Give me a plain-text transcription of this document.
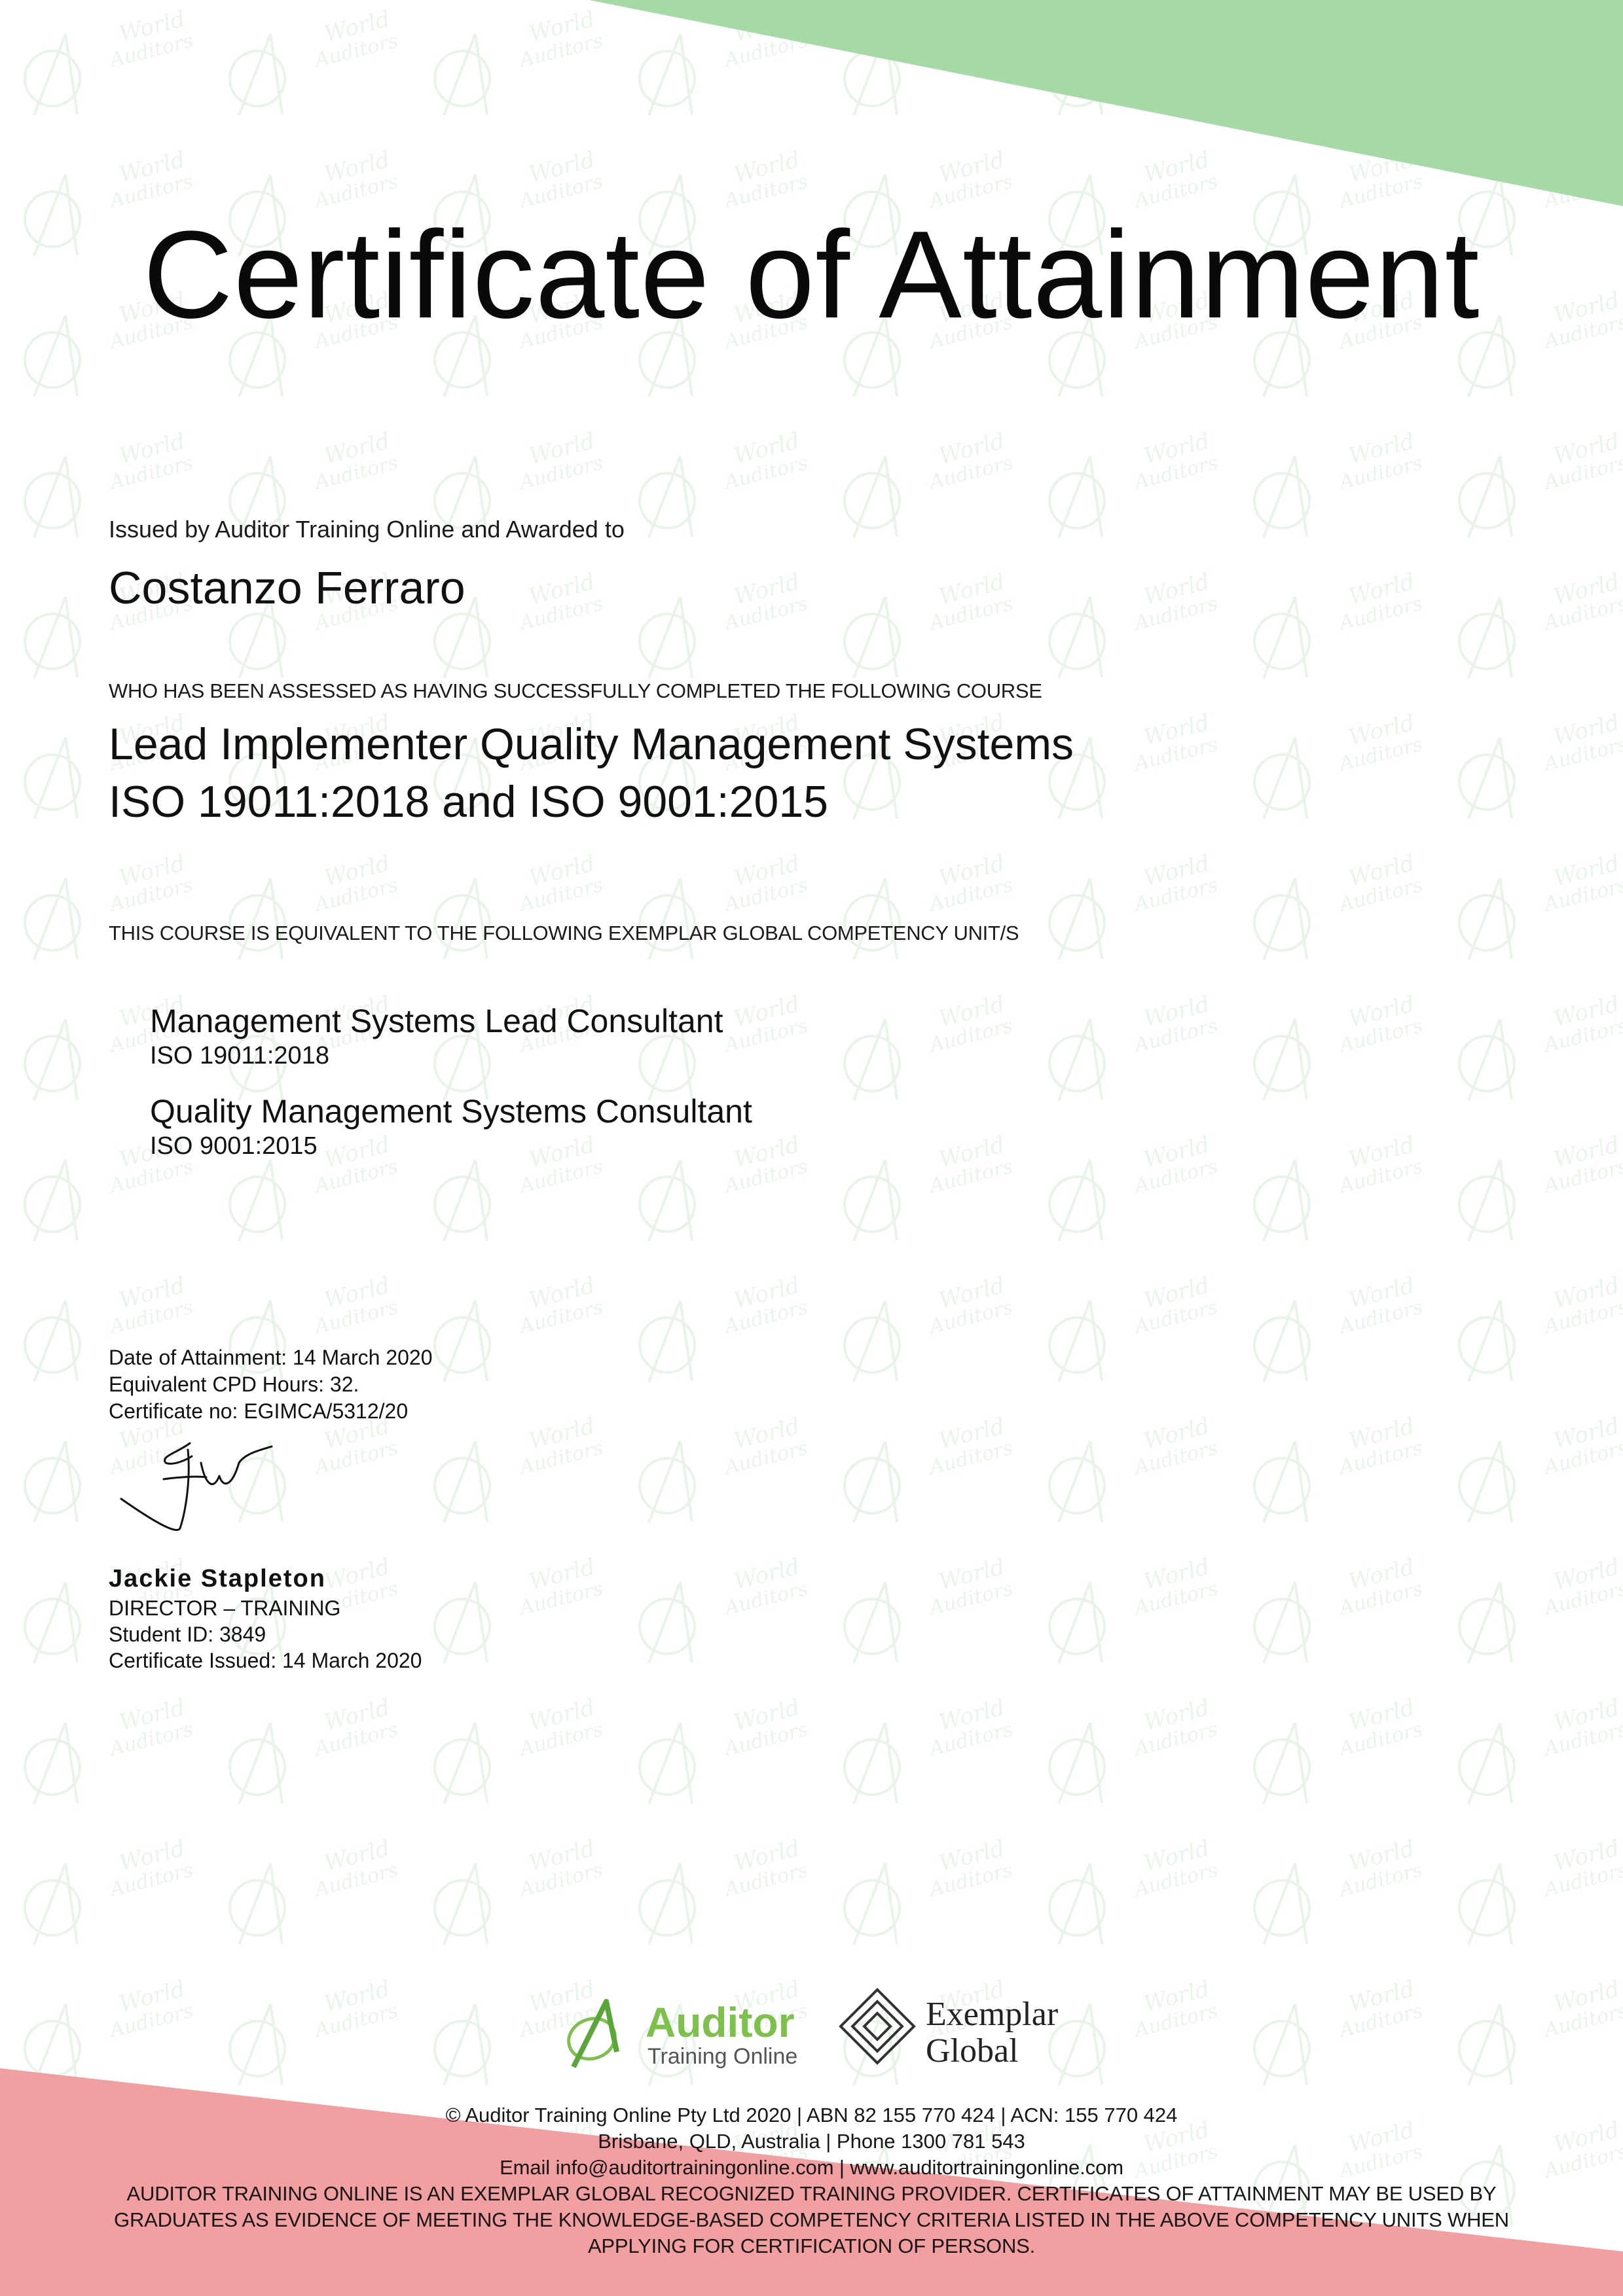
Certificate of Attainment
Issued by Auditor Training Online and Awarded to
Costanzo Ferraro
WHO HAS BEEN ASSESSED AS HAVING SUCCESSFULLY COMPLETED THE FOLLOWING COURSE
Lead Implementer Quality Management Systems
ISO 19011:2018 and ISO 9001:2015
THIS COURSE IS EQUIVALENT TO THE FOLLOWING EXEMPLAR GLOBAL COMPETENCY UNIT/S
Management Systems Lead Consultant
ISO 19011:2018
Quality Management Systems Consultant
ISO 9001:2015
Date of Attainment: 14 March 2020
Equivalent CPD Hours: 32.
Certificate no: EGIMCA/5312/20
Jackie Stapleton
DIRECTOR – TRAINING
Student ID: 3849
Certificate Issued: 14 March 2020
Auditor
Training Online
Exemplar
Global
© Auditor Training Online Pty Ltd 2020 | ABN 82 155 770 424 | ACN: 155 770 424
Brisbane, QLD, Australia | Phone 1300 781 543
Email info@auditortrainingonline.com | www.auditortrainingonline.com
AUDITOR TRAINING ONLINE IS AN EXEMPLAR GLOBAL RECOGNIZED TRAINING PROVIDER. CERTIFICATES OF ATTAINMENT MAY BE USED BY
GRADUATES AS EVIDENCE OF MEETING THE KNOWLEDGE-BASED COMPETENCY CRITERIA LISTED IN THE ABOVE COMPETENCY UNITS WHEN
APPLYING FOR CERTIFICATION OF PERSONS.
